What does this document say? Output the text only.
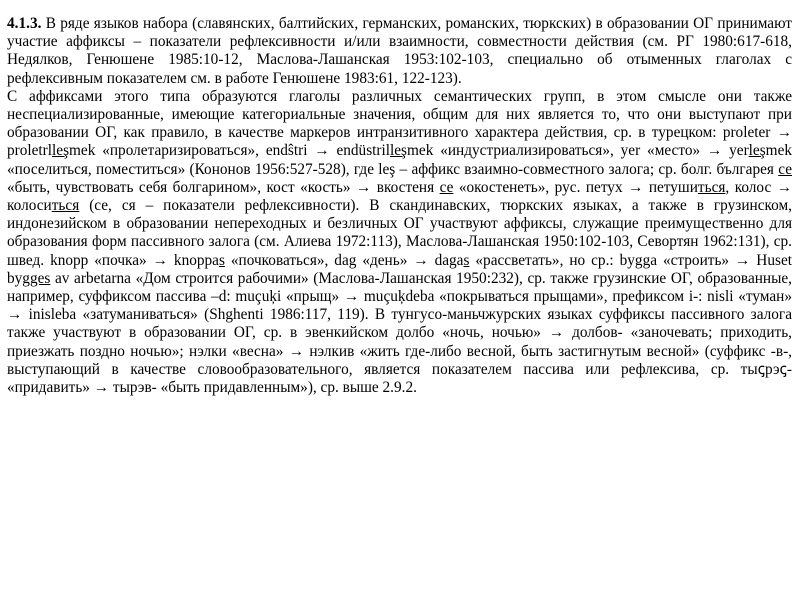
4.1.3. В ряде языков набора (славянских, балтийских, германских, романских, тюркских) в образовании ОГ принимают участие аффиксы – показатели рефлексивности и/или взаимности, совместности действия (см. РГ 1980:617-618, Недялков, Генюшене 1985:10-12, Маслова-Лашанская 1953:102-103, специально об отыменных глаголах с рефлексивным показателем см. в работе Генюшене 1983:61, 122-123).

С аффиксами этого типа образуются глаголы различных семантических групп, в этом смысле они также неспециализированные, имеющие категориальные значения, общим для них является то, что они выступают при образовании ОГ, как правило, в качестве маркеров интранзитивного характера действия, ср. в турецком: proleter → proletrlleşmek «пролетаризироваться», endŝtri → endüstrilleşmek «индустриализироваться», yer «место» → yerleşmek «поселиться, поместиться» (Кононов 1956:527-528), где leş – аффикс взаимно-совместного залога; ср. болг. българея се «быть, чувствовать себя болгарином», кост «кость» → вкостеня се «окостенеть», рус. петух → петушиться, колос → колоситься (се, ся – показатели рефлексивности). В скандинавских, тюркских языках, а также в грузинском, индонезийском в образовании непереходных и безличных ОГ участвуют аффиксы, служащие преимущественно для образования форм пассивного залога (см. Алиева 1972:113), Маслова-Лашанская 1950:102-103, Севортян 1962:131), ср. швед. knopp «почка» → knoppas «почковаться», dag «день» → dagas «рассветать», но ср.: bygga «строить» → Huset bygges av arbetarna «Дом строится рабочими» (Маслова-Лашанская 1950:232), ср. также грузинские ОГ, образованные, например, суффиксом пассива –d: muçuķi «прыщ» → muçuķdeba «покрываться прыщами», префиксом i-: nisli «туман» → inisleba «затуманиваться» (Shghenti 1986:117, 119). В тунгусо-маньчжурских языках суффиксы пассивного залога также участвуют в образовании ОГ, ср. в эвенкийском долбо «ночь, ночью» → долбов- «заночевать; приходить, приезжать поздно ночью»; нэлки «весна» → нэлкив «жить где-либо весной, быть застигнутым весной» (суффикс -в-, выступающий в качестве словообразовательного, является показателем пассива или рефлексива, ср. тыꞔрэꞔ- «придавить» → тырэв- «быть придавленным»), ср. выше 2.9.2.
